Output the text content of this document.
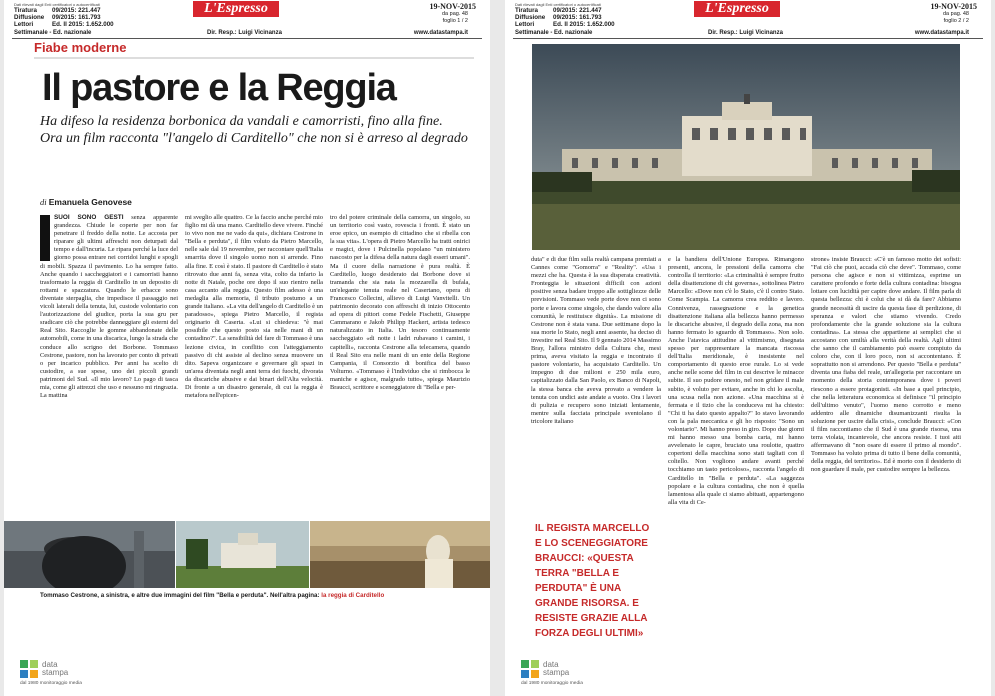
Dati rilevati dagli Enti certificatori o autocertificati
Tiratura 09/2015: 221.447
Diffusione 09/2015: 161.793
Lettori	Ed. II 2015: 1.652.000
L'Espresso	19-NOV-2015
da pag. 48
foglio 1 / 2
Settimanale - Ed. nazionale	Dir. Resp.: Luigi Vicinanza	www.datastampa.it
Fiabe moderne
Il pastore e la Reggia
Ha difeso la residenza borbonica da vandali e camorristi, fino alla fine.
Ora un film racconta "l'angelo di Carditello" che non si è arreso al degrado
di Emanuela Genovese
SUOI SONO GESTI senza apparente grandezza. Chiude le coperte per non far penetrare il freddo della notte. Le accosta per riparare gli ultimi affreschi non deturpati dal tempo e dall'incuria. Le ripara perché la luce del giorno possa entrare nei corridoi lunghi e spogli di mobili. Spazza il pavimento. Lo ha sempre fatto. Anche quando i saccheggiatori e i camorristi hanno trasformato la reggia di Carditello in un deposito di rottami e spazzatura. Quando le erbacce sono diventate sterpaglia, che impedisce il passaggio nei vicoli laterali della tenuta, lui, custode volontario con l'autorizzazione del giudice, porta la sua gru per sradicare ciò che potrebbe danneggiare gli esterni del Real Sito. Raccoglie le gomme abbandonate delle automobili, come in una discarica, lungo la strada che conduce allo scrigno dei Borbone. Tommaso Cestrone, pastore, non ha lavorato per conto di privati o per incarico pubblico. Per anni ha scelto di custodire, a sue spese, uno dei piccoli grandi patrimoni del Sud. «Il mio lavoro? Lo pago di tasca mia, come gli attrezzi che uso e nessuno mi ringrazia. La mattina
mi sveglio alle quattro. Ce la faccio anche perché mio figlio mi dà una mano. Carditello deve vivere. Finché io vivo non me ne vado da qui», dichiara Cestrone in "Bella e perduta", il film voluto da Pietro Marcello, nelle sale dal 19 novembre, per raccontare quell'Italia smarrita dove il singolo uomo non si arrende. Fino alla fine. E così è stato. Il pastore di Carditello è stato ritrovato due anni fa, senza vita, colto da infarto la notte di Natale, poche ore dopo il suo rientro nella casa accanto alla reggia. Questo film adesso è una medaglia alla memoria, il tributo postumo a un grande italiano. «La vita dell'angelo di Carditello è un paradosso», spiega Pietro Marcello, il regista originario di Caserta. «Lui si chiedeva: "è mai possibile che questo posto sia nelle mani di un contadino?". La sensibilità del fare di Tommaso è una lezione civica, in conflitto con l'atteggiamento passivo di chi assiste al declino senza muovere un dito. Sapeva organizzare e governare gli spazi in un'area diventata negli anni terra dei fuochi, divorata da discariche abusive e dai binari dell'Alta velocità. Di fronte a un disastro generale, di cui la reggia è metafora nell'epicen-
tro del potere criminale della camorra, un singolo, su un territorio così vasto, rovescia i fronti. È stato un eroe epico, un esempio di cittadino che si ribella con la sua vita». L'opera di Pietro Marcello ha tratti onirici e magici, dove i Pulcinella popolano "un ministero nascosto per la difesa della natura dagli esseri umani". Ma il cuore della narrazione è pura realtà. È Carditello, luogo desiderato dai Borbone dove si tramanda che sia nata la mozzarella di bufala, un'elegante tenuta reale nel Casertano, opera di Francesco Collecini, allievo di Luigi Vanvitelli. Un patrimonio decorato con affreschi di inizio Ottocento ad opera di pittori come Fedele Fischetti, Giuseppe Cammarano e Jakob Philipp Hackert, artista tedesco naturalizzato in Italia. Un tesoro continuamente saccheggiato «di notte i ladri rubavano i camini, i capitelli», racconta Cestrone alla telecamera, quando il Real Sito era nelle mani di un ente della Regione Campania, il Consorzio di bonifica del basso Volturno. «Tommaso è l'individuo che si rimbocca le maniche e agisce, malgrado tutto», spiega Maurizio Braucci, scrittore e sceneggiatore di "Bella e per-
Tommaso Cestrone, a sinistra, e altre due immagini del film "Bella e perduta". Nell'altra pagina: la reggia di Carditello
data
stampa
dal 1980 monitoraggio media
Dati rilevati dagli Enti certificatori o autocertificati
Tiratura 09/2015: 221.447
Diffusione 09/2015: 161.793
Lettori	Ed. II 2015: 1.652.000
L'Espresso	19-NOV-2015
da pag. 48
foglio 2 / 2
Settimanale - Ed. nazionale	Dir. Resp.: Luigi Vicinanza	www.datastampa.it
duta" e di due film sulla realtà campana premiati a Cannes come "Gomorra" e "Reality". «Usa i mezzi che ha. Questa è la sua disperata creatività. Fronteggia le situazioni difficili con azioni positive senza badare troppo alle sottigliezze delle previsioni. Tommaso vede porte dove non ci sono porte e lavora come singolo, che dando valore alla comunità, le restituisce dignità». La missione di Cestrone non è stata vana. Due settimane dopo la sua morte lo Stato, negli anni assente, ha deciso di investire nel Real Sito. Il 9 gennaio 2014 Massimo Bray, l'allora ministro della Cultura che, mesi prima, aveva visitato la reggia e incontrato il pastore volontario, ha acquistato Carditello. Un impegno di due milioni e 250 mila euro, capitalizzato dalla San Paolo, ex Banco di Napoli, la stessa banca che aveva provato a vendere la tenuta con undici aste andate a vuoto. Ora i lavori di pulizia e recupero sono iniziati lentamente, mentre sulla facciata principale sventolano il tricolore italiano
e la bandiera dell'Unione Europea. Rimangono presenti, ancora, le pressioni della camorra che controlla il territorio: «La criminalità è sempre frutto della disattenzione di chi governa», sottolinea Pietro Marcello: «Dove non c'è lo Stato, c'è il contro Stato. Come Scampia. La camorra crea reddito e lavoro. Connivenza, rassegnazione e la genetica disattenzione italiana alla bellezza hanno permesso le discariche abusive, il degrado della zona, ma non hanno fermato lo sguardo di Tommaso». Non solo. Anche l'atavica attitudine al vittimismo, disegnata spesso per rappresentare la mancata riscossa dell'Italia meridionale, è inesistente nel comportamento di questo eroe rurale. Lo si vede anche nelle scene del film in cui descrive le minacce subite. Il suo pudore onesto, nel non gridare il male subito, è voluto per evitare, anche in chi lo ascolta, una scusa nella non azione. «Una macchina si è fermata e il tizio che la conduceva mi ha chiesto: "Chi ti ha dato questo appalto?" Io stavo lavorando con la pala meccanica e gli ho risposto: "Sono un volontario". Mi hanno preso in giro. Dopo due giorni mi hanno messo una bomba carta, mi hanno avvelenato le capre, bruciato una roulotte, quattro copertoni della macchina sono stati tagliati con il coltello. Non vogliono andare avanti perché tocchiamo un tasto pericoloso», racconta l'angelo di Carditello in "Bella e perduta". «La saggezza popolare e la cultura contadina, che non è quella lamentosa alla quale ci siamo abituati, appartengono alla vita di Ce-
strone» insiste Braucci: «C'è un famoso motto dei sofisti: "Fai ciò che puoi, accada ciò che deve". Tommaso, come persona che agisce e non si vittimizza, esprime un carattere profondo e forte della cultura contadina: bisogna lottare con lucidità per capire dove andare. Il film parla di questa bellezza: chi è colui che si dà da fare? Abbiamo grande necessità di uscire da questa fase di perdizione, di speranza e valori che stiamo vivendo. Credo profondamente che la grande soluzione sia la cultura contadina». La stessa che appartiene ai semplici che si accostano con umiltà alla verità della realtà. Agli ultimi che sanno che il cambiamento può essere compiuto da coloro che, con il loro poco, non si accontentano. È soprattutto non si arrendono. Per questo "Bella e perduta" diventa una fiaba del reale, un'allegoria per raccontare un momento della storia contemporanea dove i poveri riescono a essere protagonisti. «In base a quel principio, che nella letteratura economica si definisce "il principio dell'ultimo venuto", l'uomo meno corrotto e meno addentro alle dinamiche disumanizzanti risulta la soluzione per uscire dalla crisi», conclude Braucci: «Con il film raccontiamo che il Sud è una grande risorsa, una terra violata, incantevole, che ancora resiste. I tuoi aiti affermavano di "non osare di essere il primo al mondo". Tommaso ha voluto prima di tutto il bene della comunità, della reggia, del territorio». Ed è morto con il desiderio di non guardare il male, per custodire sempre la bellezza.
IL REGISTA MARCELLO E LO SCENEGGIATORE BRAUCCI: «QUESTA TERRA "BELLA E PERDUTA" È UNA GRANDE RISORSA. E RESISTE GRAZIE ALLA FORZA DEGLI ULTIMI»
data
stampa
dal 1980 monitoraggio media
